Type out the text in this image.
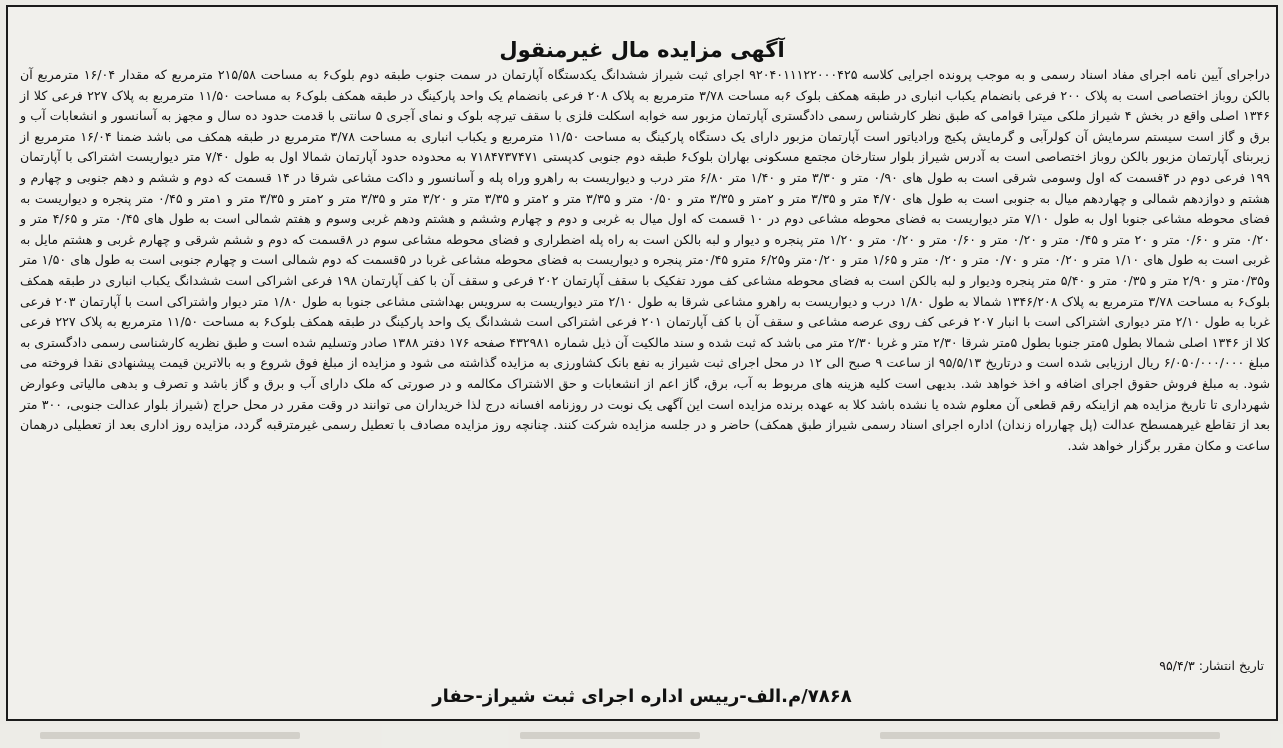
آگهی مزایده مال غیرمنقول
دراجرای آیین نامه اجرای مفاد اسناد رسمی و به موجب پرونده اجرایی کلاسه ۹۲۰۴۰۱۱۱۲۲۰۰۰۴۲۵ اجرای ثبت شیراز ششدانگ یکدستگاه آپارتمان در سمت جنوب طبقه دوم بلوک۶ به مساحت ۲۱۵/۵۸ مترمربع که مقدار ۱۶/۰۴ مترمربع آن بالکن روباز اختصاصی است به پلاک ۲۰۰ فرعی بانضمام یکباب انباری در طبقه همکف بلوک ۶به مساحت ۳/۷۸ مترمربع به پلاک ۲۰۸ فرعی بانضمام یک واحد پارکینگ در طبقه همکف بلوک۶ به مساحت ۱۱/۵۰ مترمربع به پلاک ۲۲۷ فرعی کلا از ۱۳۴۶ اصلی واقع در بخش ۴ شیراز ملکی میترا قوامی که طبق نظر کارشناس رسمی دادگستری آپارتمان مزبور سه خوابه اسکلت فلزی با سقف تیرچه بلوک و نمای آجری ۵ سانتی با قدمت حدود ده سال و مجهز به آسانسور و انشعابات آب و برق و گاز است سیستم سرمایش آن کولرآبی و گرمایش پکیج ورادیاتور است آپارتمان مزبور دارای یک دستگاه پارکینگ به مساحت ۱۱/۵۰ مترمربع و یکباب انباری به مساحت ۳/۷۸ مترمربع در طبقه همکف می باشد ضمنا ۱۶/۰۴ مترمربع از زیربنای آپارتمان مزبور بالکن روباز اختصاصی است به آدرس شیراز بلوار ستارخان مجتمع مسکونی بهاران بلوک۶ طبقه دوم جنوبی کدپستی ۷۱۸۴۷۳۷۴۷۱ به محدوده حدود آپارتمان شمالا اول به طول ۷/۴۰ متر دیواریست اشتراکی با آپارتمان ۱۹۹ فرعی دوم در ۴قسمت که اول وسومی شرقی است به طول های ۰/۹۰ متر و ۳/۳۰ متر و ۱/۴۰ متر ۶/۸۰ متر درب و دیواریست به راهرو وراه پله و آسانسور و داکت مشاعی شرقا در ۱۴ قسمت که دوم و ششم و دهم جنوبی و چهارم و هشتم و دوازدهم شمالی و چهاردهم میال به جنوبی است به طول های ۴/۷۰ متر و ۳/۳۵ متر و ۲متر و ۳/۳۵ متر و ۰/۵۰ متر و ۳/۳۵ متر و ۲متر و ۳/۳۵ متر و ۳/۲۰ متر و ۳/۳۵ متر و ۲متر و ۳/۳۵ متر و ۱متر و ۰/۴۵ متر پنجره و دیواریست به فضای محوطه مشاعی جنوبا اول به طول ۷/۱۰ متر دیواریست به فضای محوطه مشاعی دوم در ۱۰ قسمت که اول میال به غربی و دوم و چهارم وششم و هشتم ودهم غربی وسوم و هفتم شمالی است به طول های ۰/۴۵ متر و ۴/۶۵ متر و ۰/۲۰ متر و ۰/۶۰ متر و ۲۰ متر و ۰/۴۵ متر و ۰/۲۰ متر و ۰/۶۰ متر و ۰/۲۰ متر و ۱/۲۰ متر پنجره و دیوار و لبه بالکن است به راه پله اضطراری و فضای محوطه مشاعی سوم در ۸قسمت که دوم و ششم شرقی و چهارم غربی و هشتم مایل به غربی است به طول های ۱/۱۰ متر و ۰/۲۰ متر و ۰/۷۰ متر و ۰/۲۰ متر و ۱/۶۵ متر و ۰/۲۰متر و۶/۲۵ مترو ۰/۴۵متر پنجره و دیواریست به فضای محوطه مشاعی غربا در ۵قسمت که دوم شمالی است و چهارم جنوبی است به طول های ۱/۵۰ متر و۰/۳۵متر و ۲/۹۰ متر و ۰/۳۵ متر و ۵/۴۰ متر پنجره ودیوار و لبه بالکن است به فضای محوطه مشاعی کف مورد تفکیک با سقف آپارتمان ۲۰۲ فرعی و سقف آن با کف آپارتمان ۱۹۸ فرعی اشراکی است ششدانگ یکباب انباری در طبقه همکف بلوک۶ به مساحت ۳/۷۸ مترمربع به پلاک ۱۳۴۶/۲۰۸ شمالا به طول ۱/۸۰ درب و دیواریست به راهرو مشاعی شرقا به طول ۲/۱۰ متر دیواریست به سرویس بهداشتی مشاعی جنوبا به طول ۱/۸۰ متر دیوار واشتراکی است با آپارتمان ۲۰۳ فرعی غربا به طول ۲/۱۰ متر دیواری اشتراکی است با انبار ۲۰۷ فرعی کف روی عرصه مشاعی و سقف آن با کف آپارتمان ۲۰۱ فرعی اشتراکی است ششدانگ یک واحد پارکینگ در طبقه همکف بلوک۶ به مساحت ۱۱/۵۰ مترمربع به پلاک ۲۲۷ فرعی کلا از ۱۳۴۶ اصلی شمالا بطول ۵متر جنوبا بطول ۵متر شرقا ۲/۳۰ متر و غربا ۲/۳۰ متر می باشد که ثبت شده و سند مالکیت آن ذیل شماره ۴۳۲۹۸۱ صفحه ۱۷۶ دفتر ۱۳۸۸ صادر وتسلیم شده است و طبق نظریه کارشناسی رسمی دادگستری به مبلغ ۶/۰۵۰/۰۰۰/۰۰۰ ریال ارزیابی شده است و درتاریخ ۹۵/۵/۱۳ از ساعت ۹ صبح الی ۱۲ در محل اجرای ثبت شیراز به نفع بانک کشاورزی به مزایده گذاشته می شود و مزایده از مبلغ فوق شروع و به بالاترین قیمت پیشنهادی نقدا فروخته می شود. به مبلغ فروش حقوق اجرای اضافه و اخذ خواهد شد. بدیهی است کلیه هزینه های مربوط به آب، برق، گاز اعم از انشعابات و حق الاشتراک مکالمه و در صورتی که ملک دارای آب و برق و گاز باشد و تصرف و بدهی مالیاتی وعوارض شهرداری تا تاریخ مزایده هم ازاینکه رقم قطعی آن معلوم شده یا نشده باشد کلا به عهده برنده مزایده است این آگهی یک نوبت در روزنامه افسانه درج لذا خریداران می توانند در وقت مقرر در محل حراج (شیراز بلوار عدالت جنوبی، ۳۰۰ متر بعد از تقاطع غیرهمسطح عدالت (پل چهارراه زندان) اداره اجرای اسناد رسمی شیراز طبق همکف) حاضر و در جلسه مزایده شرکت کنند. چنانچه روز مزایده مصادف با تعطیل رسمی غیرمترقبه گردد، مزایده روز اداری بعد از تعطیلی درهمان ساعت و مکان مقرر برگزار خواهد شد.
تاریخ انتشار: ۹۵/۴/۳
۷۸۶۸/م.الف-رییس اداره اجرای ثبت شیراز-حفار
